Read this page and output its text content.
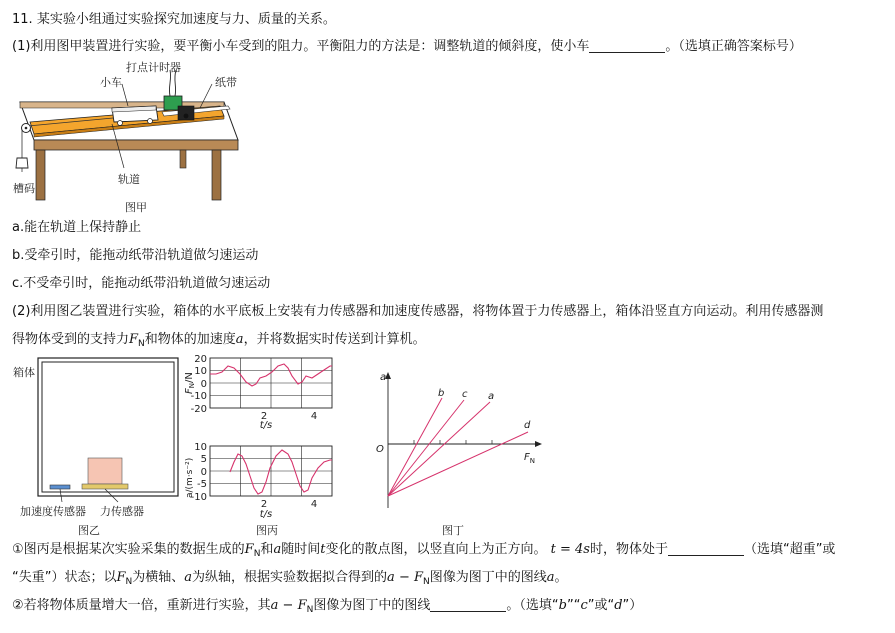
11. 某实验小组通过实验探究加速度与力、质量的关系。
(1)利用图甲装置进行实验，要平衡小车受到的阻力。平衡阻力的方法是：调整轨道的倾斜度，使小车	。（选填正确答案标号）
打点计时器
小车	纸带
轨道
槽码
图甲
a.能在轨道上保持静止
b.受牵引时，能拖动纸带沿轨道做匀速运动
c.不受牵引时，能拖动纸带沿轨道做匀速运动
(2)利用图乙装置进行实验，箱体的水平底板上安装有力传感器和加速度传感器，将物体置于力传感器上，箱体沿竖直方向运动。利用传感器测
得物体受到的支持力$F_N$和物体的加速度a，并将数据实时传送到计算机。
箱体
加速度传感器 力传感器
图乙
20
10
0
-10
-20
2	4
t/s
$F_N/N$
10
5
0
-5
-10
2	4
t/s
a/(m·s⁻²)
图丙
a
$F_N$
O
b c a
d
图丁
①图丙是根据某次实验采集的数据生成的$F_N$和a随时间t变化的散点图，以竖直向上为正方向。 t = 4s时，物体处于	（选填“超重”或
“失重”）状态；以$F_N$为横轴、a为纵轴，根据实验数据拟合得到的$a - F_N$图像为图丁中的图线a。
②若将物体质量增大一倍，重新进行实验，其$a - F_N$图像为图丁中的图线	。（选填“b”“c”或“d”）
